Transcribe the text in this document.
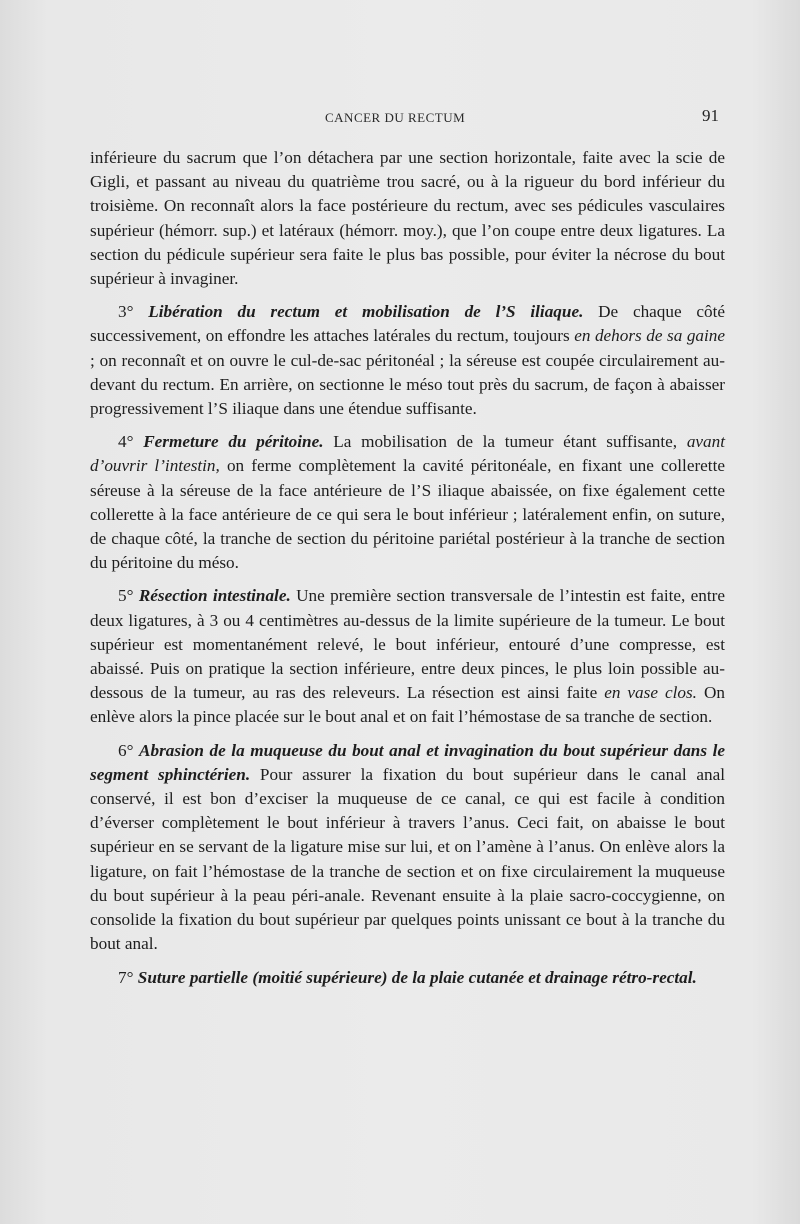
CANCER DU RECTUM	91

inférieure du sacrum que l’on détachera par une section horizontale, faite avec la scie de Gigli, et passant au niveau du quatrième trou sacré, ou à la rigueur du bord inférieur du troisième. On reconnaît alors la face postérieure du rectum, avec ses pédicules vasculaires supérieur (hémorr. sup.) et latéraux (hémorr. moy.), que l’on coupe entre deux ligatures. La section du pédicule supérieur sera faite le plus bas possible, pour éviter la nécrose du bout supérieur à invaginer.

3° Libération du rectum et mobilisation de l’S iliaque. De chaque côté successivement, on effondre les attaches latérales du rectum, toujours en dehors de sa gaine ; on reconnaît et on ouvre le cul-de-sac péritonéal ; la séreuse est coupée circulairement au-devant du rectum. En arrière, on sectionne le méso tout près du sacrum, de façon à abaisser progressivement l’S iliaque dans une étendue suffisante.

4° Fermeture du péritoine. La mobilisation de la tumeur étant suffisante, avant d’ouvrir l’intestin, on ferme complètement la cavité péritonéale, en fixant une collerette séreuse à la séreuse de la face antérieure de l’S iliaque abaissée, on fixe également cette collerette à la face antérieure de ce qui sera le bout inférieur ; latéralement enfin, on suture, de chaque côté, la tranche de section du péritoine pariétal postérieur à la tranche de section du péritoine du méso.

5° Résection intestinale. Une première section transversale de l’intestin est faite, entre deux ligatures, à 3 ou 4 centimètres au-dessus de la limite supérieure de la tumeur. Le bout supérieur est momentanément relevé, le bout inférieur, entouré d’une compresse, est abaissé. Puis on pratique la section inférieure, entre deux pinces, le plus loin possible au-dessous de la tumeur, au ras des releveurs. La résection est ainsi faite en vase clos. On enlève alors la pince placée sur le bout anal et on fait l’hémostase de sa tranche de section.

6° Abrasion de la muqueuse du bout anal et invagination du bout supérieur dans le segment sphinctérien. Pour assurer la fixation du bout supérieur dans le canal anal conservé, il est bon d’exciser la muqueuse de ce canal, ce qui est facile à condition d’éverser complètement le bout inférieur à travers l’anus. Ceci fait, on abaisse le bout supérieur en se servant de la ligature mise sur lui, et on l’amène à l’anus. On enlève alors la ligature, on fait l’hémostase de la tranche de section et on fixe circulairement la muqueuse du bout supérieur à la peau péri-anale. Revenant ensuite à la plaie sacro-coccygienne, on consolide la fixation du bout supérieur par quelques points unissant ce bout à la tranche du bout anal.

7° Suture partielle (moitié supérieure) de la plaie cutanée et drainage rétro-rectal.
